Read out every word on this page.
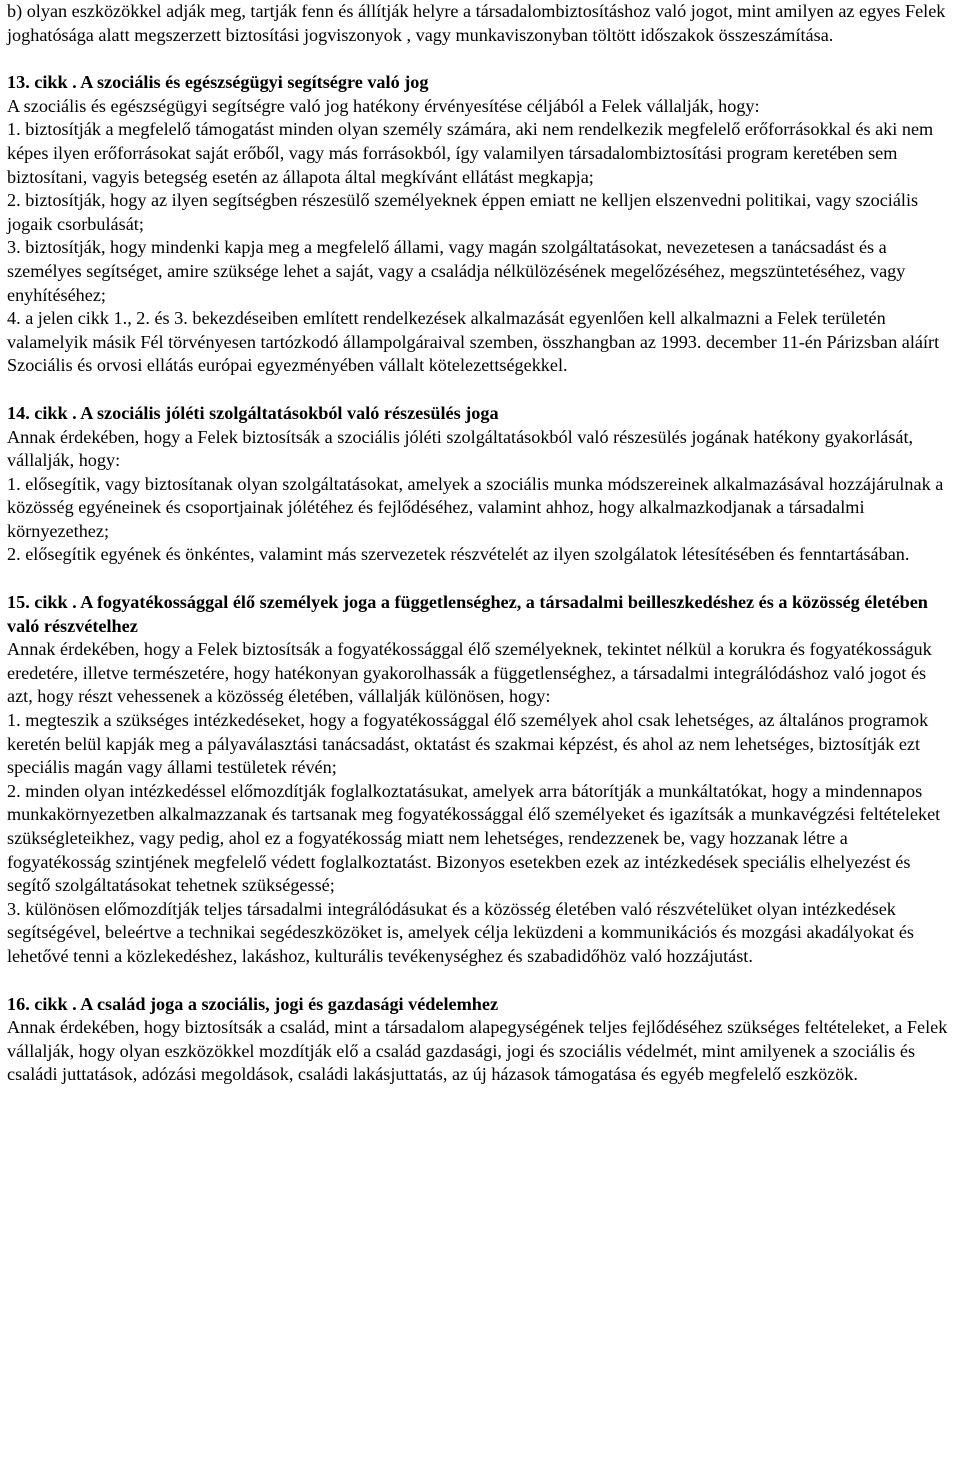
b) olyan eszközökkel adják meg, tartják fenn és állítják helyre a társadalombiztosításhoz való jogot, mint amilyen az egyes Felek joghatósága alatt megszerzett biztosítási jogviszonyok , vagy munkaviszonyban töltött időszakok összeszámítása.

13. cikk . A szociális és egészségügyi segítségre való jog

A szociális és egészségügyi segítségre való jog hatékony érvényesítése céljából a Felek vállalják, hogy:

1. biztosítják a megfelelő támogatást minden olyan személy számára, aki nem rendelkezik megfelelő erőforrásokkal és aki nem képes ilyen erőforrásokat saját erőből, vagy más forrásokból, így valamilyen társadalombiztosítási program keretében sem biztosítani, vagyis betegség esetén az állapota által megkívánt ellátást megkapja;

2. biztosítják, hogy az ilyen segítségben részesülő személyeknek éppen emiatt ne kelljen elszenvedni politikai, vagy szociális jogaik csorbulását;

3. biztosítják, hogy mindenki kapja meg a megfelelő állami, vagy magán szolgáltatásokat, nevezetesen a tanácsadást és a személyes segítséget, amire szüksége lehet a saját, vagy a családja nélkülözésének megelőzéséhez, megszüntetéséhez, vagy enyhítéséhez;

4. a jelen cikk 1., 2. és 3. bekezdéseiben említett rendelkezések alkalmazását egyenlően kell alkalmazni a Felek területén valamelyik másik Fél törvényesen tartózkodó állampolgáraival szemben, összhangban az 1993. december 11-én Párizsban aláírt Szociális és orvosi ellátás európai egyezményében vállalt kötelezettségekkel.

14. cikk . A szociális jóléti szolgáltatásokból való részesülés joga

Annak érdekében, hogy a Felek biztosítsák a szociális jóléti szolgáltatásokból való részesülés jogának hatékony gyakorlását, vállalják, hogy:

1. elősegítik, vagy biztosítanak olyan szolgáltatásokat, amelyek a szociális munka módszereinek alkalmazásával hozzájárulnak a közösség egyéneinek és csoportjainak jólétéhez és fejlődéséhez, valamint ahhoz, hogy alkalmazkodjanak a társadalmi környezethez;

2. elősegítik egyének és önkéntes, valamint más szervezetek részvételét az ilyen szolgálatok létesítésében és fenntartásában.

15. cikk . A fogyatékossággal élő személyek joga a függetlenséghez, a társadalmi beilleszkedéshez és a közösség életében való részvételhez

Annak érdekében, hogy a Felek biztosítsák a fogyatékossággal élő személyeknek, tekintet nélkül a korukra és fogyatékosságuk eredetére, illetve természetére, hogy hatékonyan gyakorolhassák a függetlenséghez, a társadalmi integrálódáshoz való jogot és azt, hogy részt vehessenek a közösség életében, vállalják különösen, hogy:

1. megteszik a szükséges intézkedéseket, hogy a fogyatékossággal élő személyek ahol csak lehetséges, az általános programok keretén belül kapják meg a pályaválasztási tanácsadást, oktatást és szakmai képzést, és ahol az nem lehetséges, biztosítják ezt speciális magán vagy állami testületek révén;

2. minden olyan intézkedéssel előmozdítják foglalkoztatásukat, amelyek arra bátorítják a munkáltatókat, hogy a mindennapos munkakörnyezetben alkalmazzanak és tartsanak meg fogyatékossággal élő személyeket és igazítsák a munkavégzési feltételeket szükségleteikhez, vagy pedig, ahol ez a fogyatékosság miatt nem lehetséges, rendezzenek be, vagy hozzanak létre a fogyatékosság szintjének megfelelő védett foglalkoztatást. Bizonyos esetekben ezek az intézkedések speciális elhelyezést és segítő szolgáltatásokat tehetnek szükségessé;

3. különösen előmozdítják teljes társadalmi integrálódásukat és a közösség életében való részvételüket olyan intézkedések segítségével, beleértve a technikai segédeszközöket is, amelyek célja leküzdeni a kommunikációs és mozgási akadályokat és lehetővé tenni a közlekedéshez, lakáshoz, kulturális tevékenységhez és szabadidőhöz való hozzájutást.

16. cikk . A család joga a szociális, jogi és gazdasági védelemhez

Annak érdekében, hogy biztosítsák a család, mint a társadalom alapegységének teljes fejlődéséhez szükséges feltételeket, a Felek vállalják, hogy olyan eszközökkel mozdítják elő a család gazdasági, jogi és szociális védelmét, mint amilyenek a szociális és családi juttatások, adózási megoldások, családi lakásjuttatás, az új házasok támogatása és egyéb megfelelő eszközök.
